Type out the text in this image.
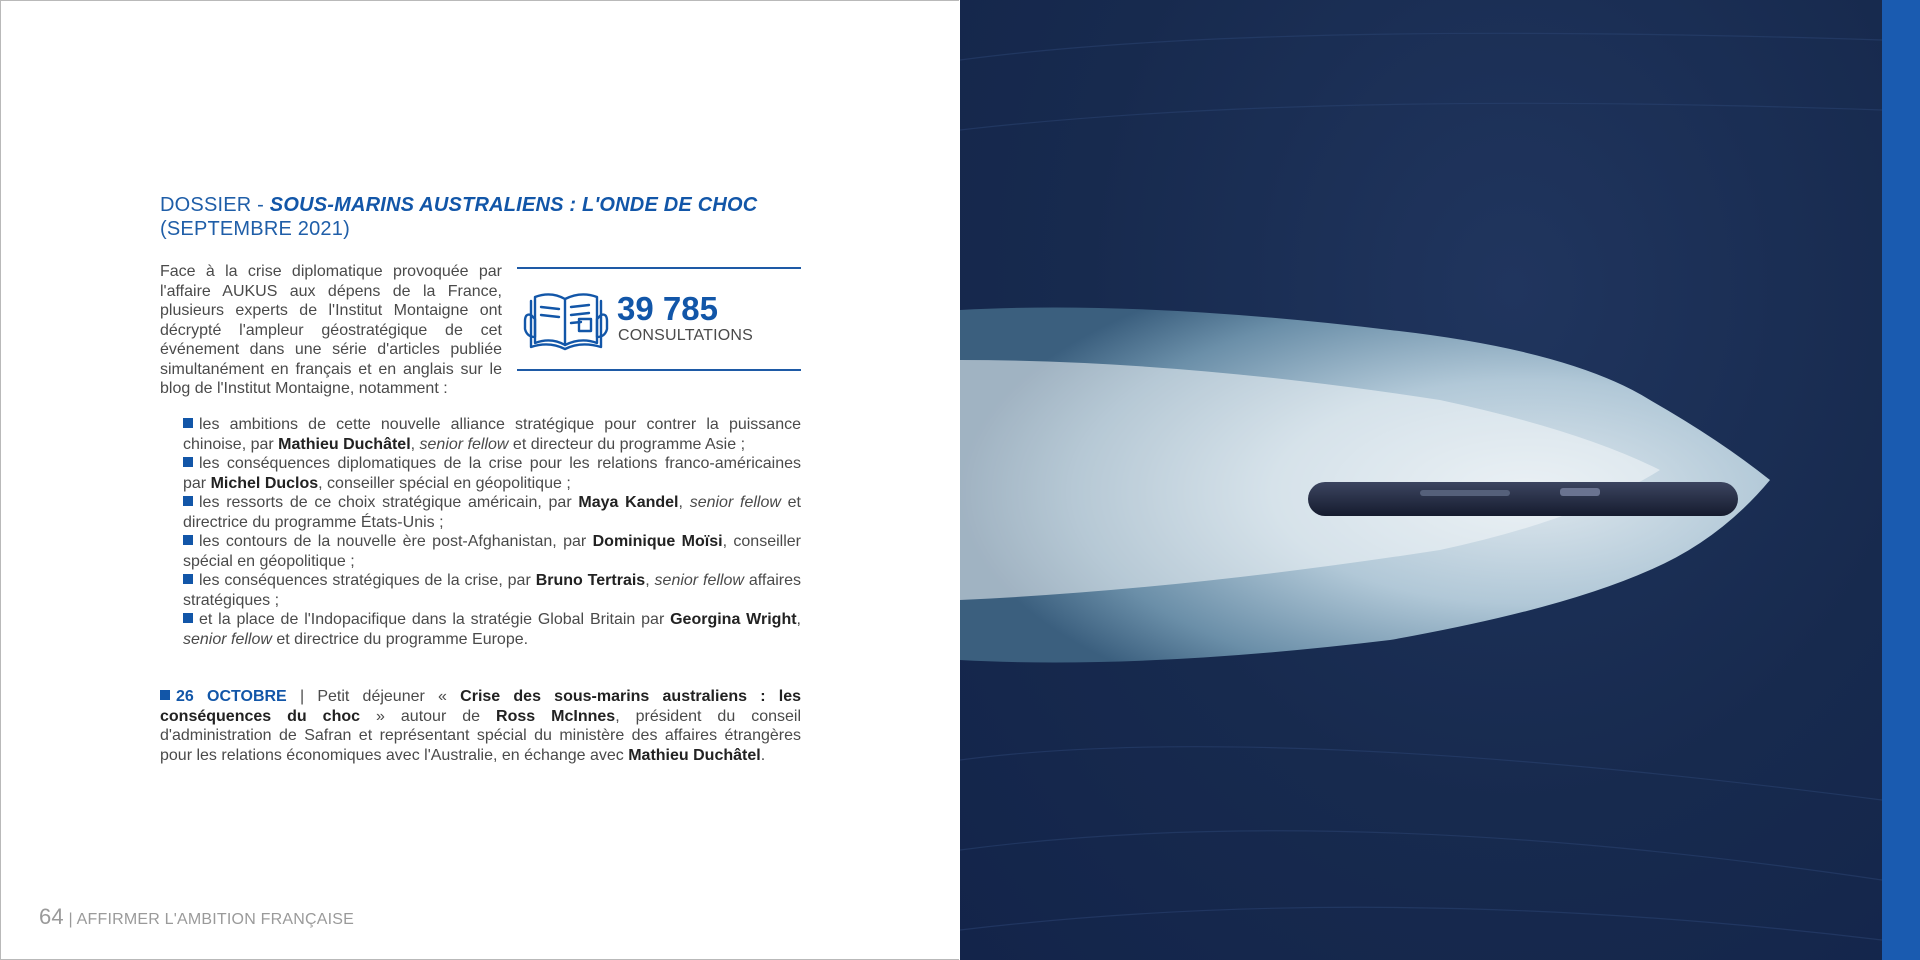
DOSSIER - SOUS-MARINS AUSTRALIENS : L'ONDE DE CHOC
(SEPTEMBRE 2021)
Face à la crise diplomatique provoquée par l'affaire AUKUS aux dépens de la France, plusieurs experts de l'Institut Montaigne ont décrypté l'ampleur géostratégique de cet événement dans une série d'articles publiée simultanément en français et en anglais sur le blog de l'Institut Montaigne, notamment :
39 785
CONSULTATIONS
les ambitions de cette nouvelle alliance stratégique pour contrer la puissance chinoise, par Mathieu Duchâtel, senior fellow et directeur du programme Asie ;
les conséquences diplomatiques de la crise pour les relations franco-américaines par Michel Duclos, conseiller spécial en géopolitique ;
les ressorts de ce choix stratégique américain, par Maya Kandel, senior fellow et directrice du programme États-Unis ;
les contours de la nouvelle ère post-Afghanistan, par Dominique Moïsi, conseiller spécial en géopolitique ;
les conséquences stratégiques de la crise, par Bruno Tertrais, senior fellow affaires stratégiques ;
et la place de l'Indopacifique dans la stratégie Global Britain par Georgina Wright, senior fellow et directrice du programme Europe.
26 OCTOBRE | Petit déjeuner « Crise des sous-marins australiens : les conséquences du choc » autour de Ross McInnes, président du conseil d'administration de Safran et représentant spécial du ministère des affaires étrangères pour les relations économiques avec l'Australie, en échange avec Mathieu Duchâtel.
64 | AFFIRMER L'AMBITION FRANÇAISE
